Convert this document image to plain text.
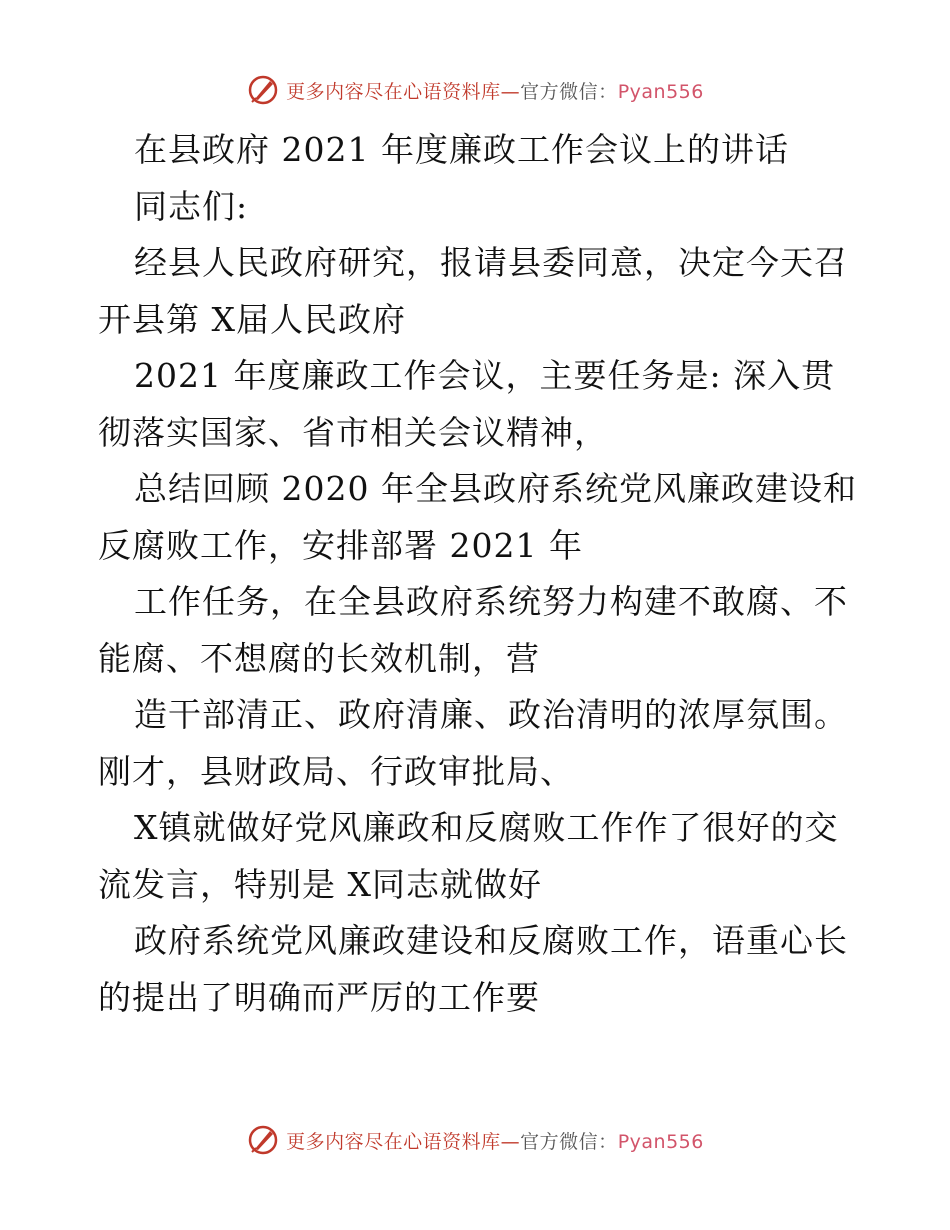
更多内容尽在心语资料库—官方微信：Pyan556
在县政府 2021 年度廉政工作会议上的讲话
同志们:
经县人民政府研究，报请县委同意，决定今天召
开县第 X届人民政府
2021 年度廉政工作会议，主要任务是: 深入贯
彻落实国家、省市相关会议精神，
总结回顾 2020 年全县政府系统党风廉政建设和
反腐败工作，安排部署 2021 年
工作任务，在全县政府系统努力构建不敢腐、不
能腐、不想腐的长效机制，营
造干部清正、政府清廉、政治清明的浓厚氛围。
刚才，县财政局、行政审批局、
X镇就做好党风廉政和反腐败工作作了很好的交
流发言，特别是 X同志就做好
政府系统党风廉政建设和反腐败工作，语重心长
的提出了明确而严厉的工作要
更多内容尽在心语资料库—官方微信：Pyan556
